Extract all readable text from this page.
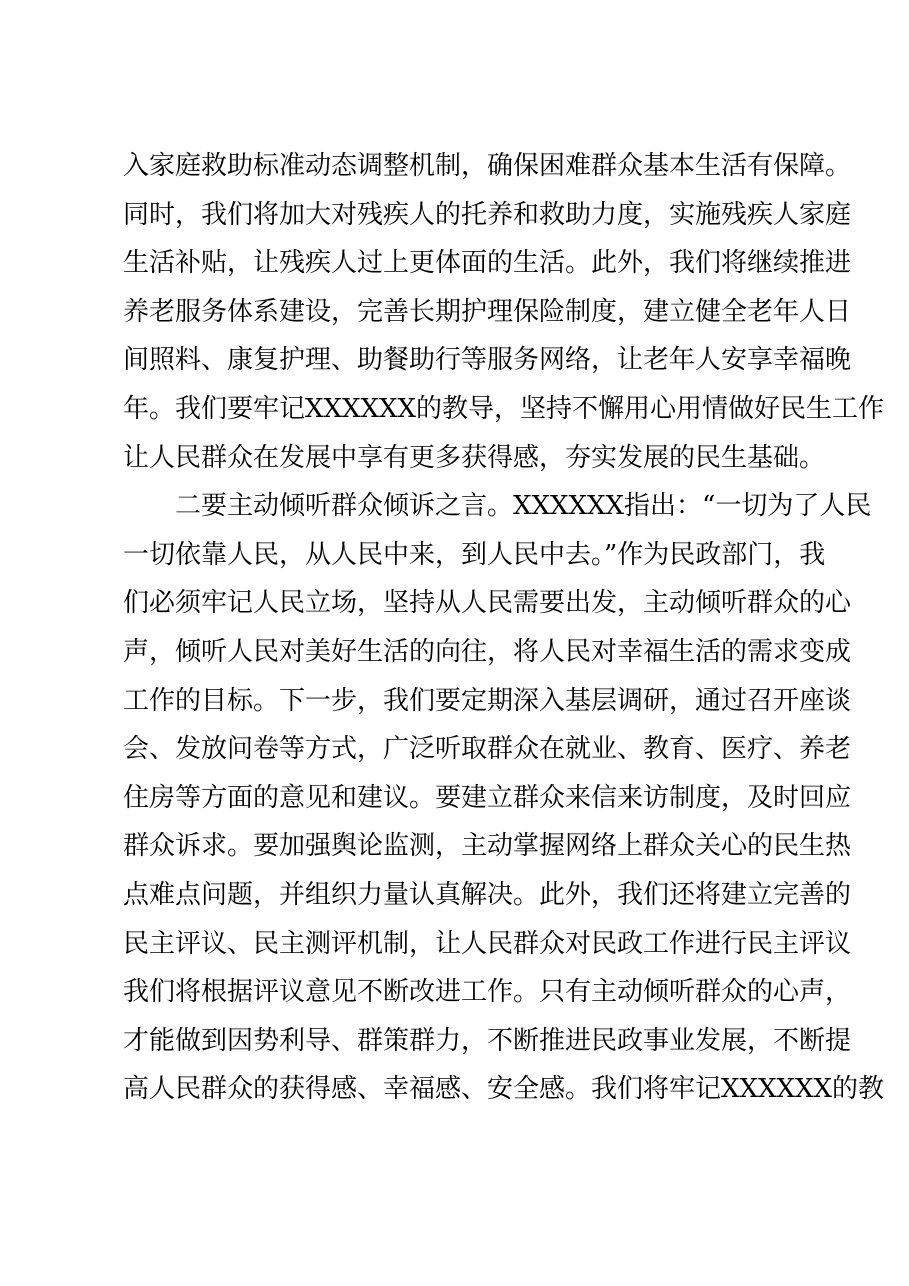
入家庭救助标准动态调整机制，确保困难群众基本生活有保障。
同时，我们将加大对残疾人的托养和救助力度，实施残疾人家庭
生活补贴，让残疾人过上更体面的生活。此外，我们将继续推进
养老服务体系建设，完善长期护理保险制度，建立健全老年人日
间照料、康复护理、助餐助行等服务网络，让老年人安享幸福晚
年。我们要牢记XXXXXX的教导，坚持不懈用心用情做好民生工作
让人民群众在发展中享有更多获得感，夯实发展的民生基础。
二要主动倾听群众倾诉之言。XXXXXX指出：“一切为了人民
一切依靠人民，从人民中来，到人民中去。”作为民政部门，我
们必须牢记人民立场，坚持从人民需要出发，主动倾听群众的心
声，倾听人民对美好生活的向往，将人民对幸福生活的需求变成
工作的目标。下一步，我们要定期深入基层调研，通过召开座谈
会、发放问卷等方式，广泛听取群众在就业、教育、医疗、养老
住房等方面的意见和建议。要建立群众来信来访制度，及时回应
群众诉求。要加强舆论监测，主动掌握网络上群众关心的民生热
点难点问题，并组织力量认真解决。此外，我们还将建立完善的
民主评议、民主测评机制，让人民群众对民政工作进行民主评议
我们将根据评议意见不断改进工作。只有主动倾听群众的心声，
才能做到因势利导、群策群力，不断推进民政事业发展，不断提
高人民群众的获得感、幸福感、安全感。我们将牢记XXXXXX的教
